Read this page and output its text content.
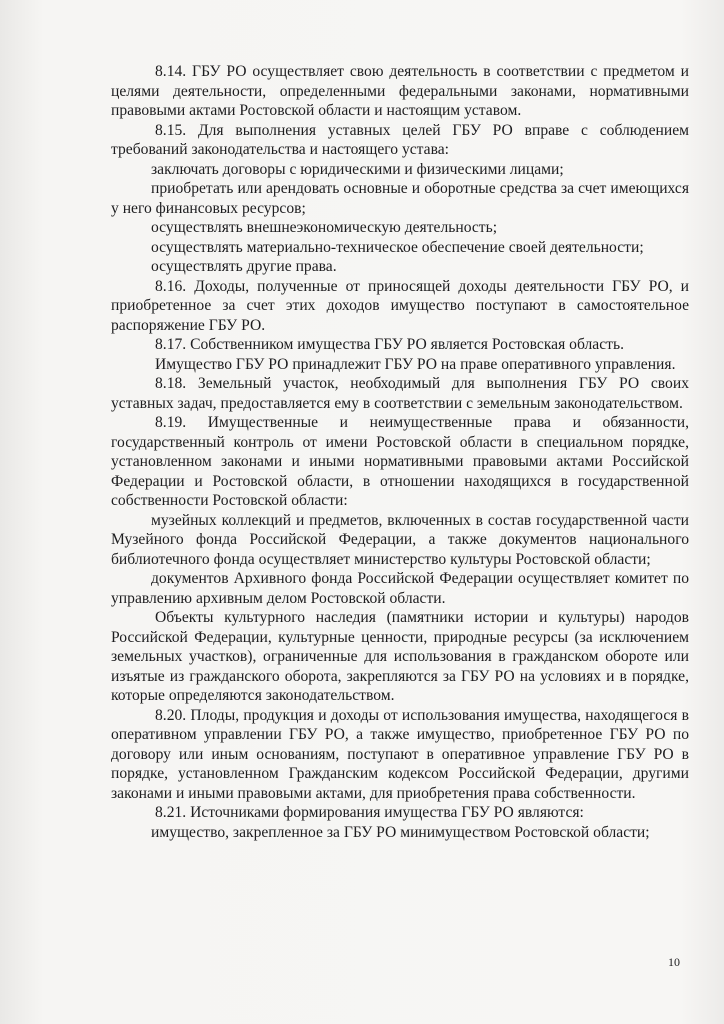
8.14. ГБУ РО осуществляет свою деятельность в соответствии с предметом и целями деятельности, определенными федеральными законами, нормативными правовыми актами Ростовской области и настоящим уставом.

8.15. Для выполнения уставных целей ГБУ РО вправе с соблюдением требований законодательства и настоящего устава:

заключать договоры с юридическими и физическими лицами;

приобретать или арендовать основные и оборотные средства за счет имеющихся у него финансовых ресурсов;

осуществлять внешнеэкономическую деятельность;

осуществлять материально-техническое обеспечение своей деятельности;

осуществлять другие права.

8.16. Доходы, полученные от приносящей доходы деятельности ГБУ РО, и приобретенное за счет этих доходов имущество поступают в самостоятельное распоряжение ГБУ РО.

8.17. Собственником имущества ГБУ РО является Ростовская область.

Имущество ГБУ РО принадлежит ГБУ РО на праве оперативного управления.

8.18. Земельный участок, необходимый для выполнения ГБУ РО своих уставных задач, предоставляется ему в соответствии с земельным законодательством.

8.19. Имущественные и неимущественные права и обязанности, государственный контроль от имени Ростовской области в специальном порядке, установленном законами и иными нормативными правовыми актами Российской Федерации и Ростовской области, в отношении находящихся в государственной собственности Ростовской области:

музейных коллекций и предметов, включенных в состав государственной части Музейного фонда Российской Федерации, а также документов национального библиотечного фонда осуществляет министерство культуры Ростовской области;

документов Архивного фонда Российской Федерации осуществляет комитет по управлению архивным делом Ростовской области.

Объекты культурного наследия (памятники истории и культуры) народов Российской Федерации, культурные ценности, природные ресурсы (за исключением земельных участков), ограниченные для использования в гражданском обороте или изъятые из гражданского оборота, закрепляются за ГБУ РО на условиях и в порядке, которые определяются законодательством.

8.20. Плоды, продукция и доходы от использования имущества, находящегося в оперативном управлении ГБУ РО, а также имущество, приобретенное ГБУ РО по договору или иным основаниям, поступают в оперативное управление ГБУ РО в порядке, установленном Гражданским кодексом Российской Федерации, другими законами и иными правовыми актами, для приобретения права собственности.

8.21. Источниками формирования имущества ГБУ РО являются:

имущество, закрепленное за ГБУ РО минимуществом Ростовской области;

10
